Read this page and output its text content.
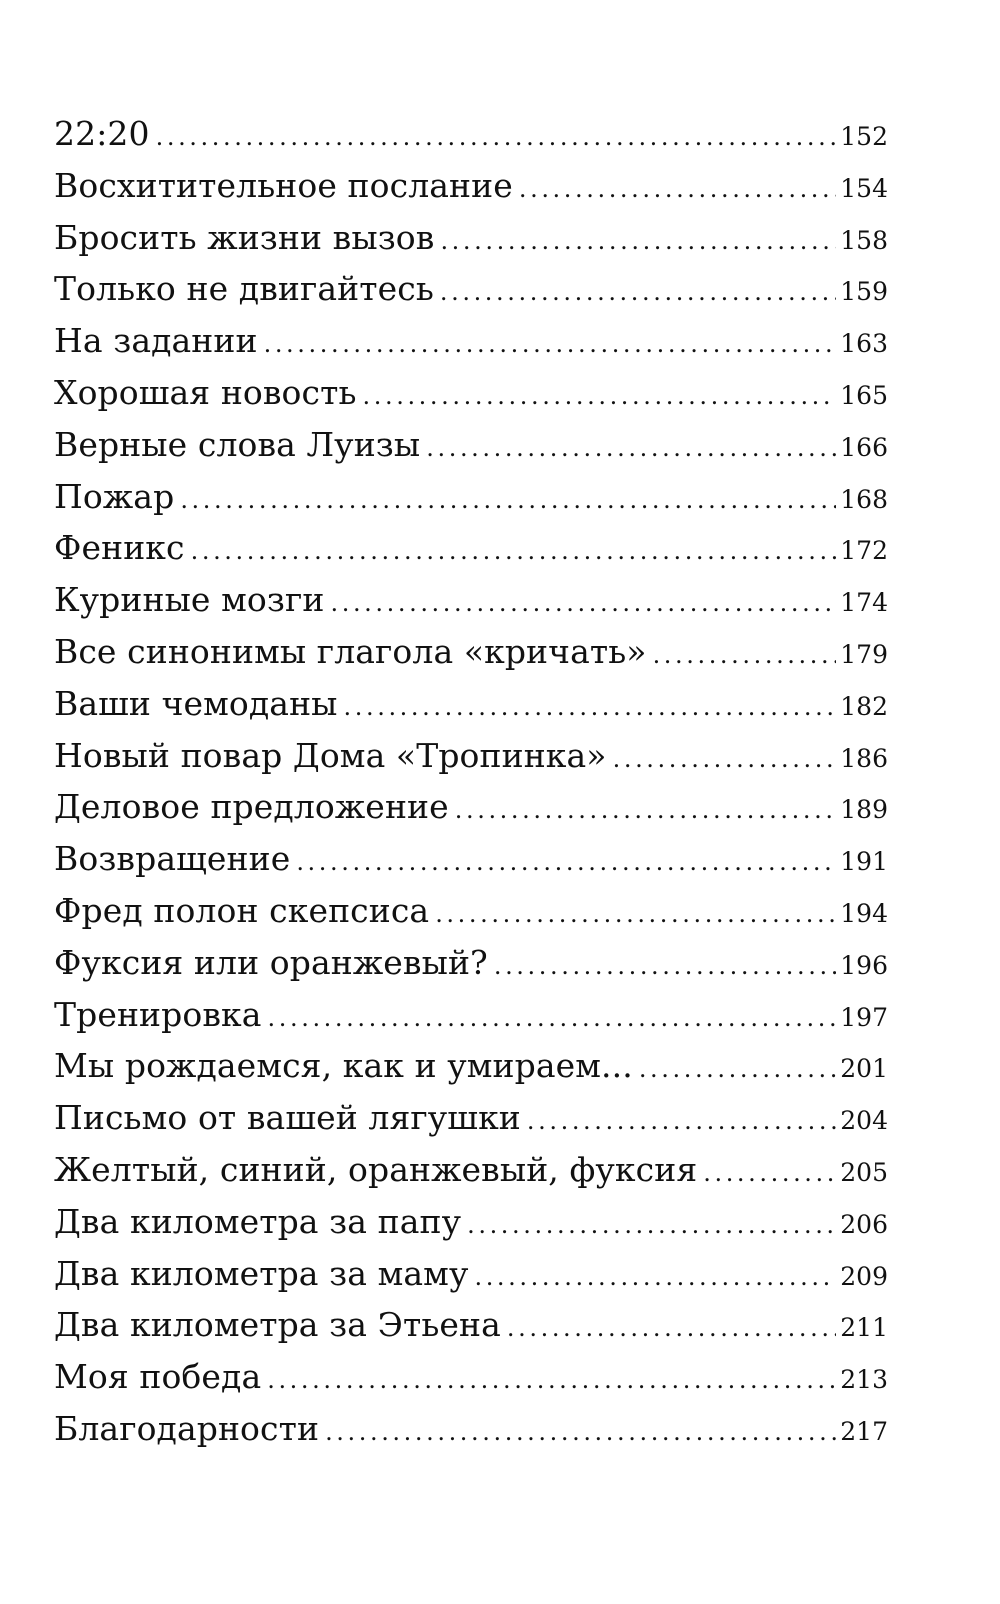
22:20 .....	152
Восхитительное послание .....	154
Бросить жизни вызов .....	158
Только не двигайтесь .....	159
На задании .....	163
Хорошая новость .....	165
Верные слова Луизы .....	166
Пожар .....	168
Феникс .....	172
Куриные мозги .....	174
Все синонимы глагола «кричать» .....	179
Ваши чемоданы .....	182
Новый повар Дома «Тропинка» .....	186
Деловое предложение .....	189
Возвращение .....	191
Фред полон скепсиса .....	194
Фуксия или оранжевый? .....	196
Тренировка .....	197
Мы рождаемся, как и умираем... .....	201
Письмо от вашей лягушки .....	204
Желтый, синий, оранжевый, фуксия .....	205
Два километра за папу .....	206
Два километра за маму .....	209
Два километра за Этьена .....	211
Моя победа .....	213
Благодарности .....	217
